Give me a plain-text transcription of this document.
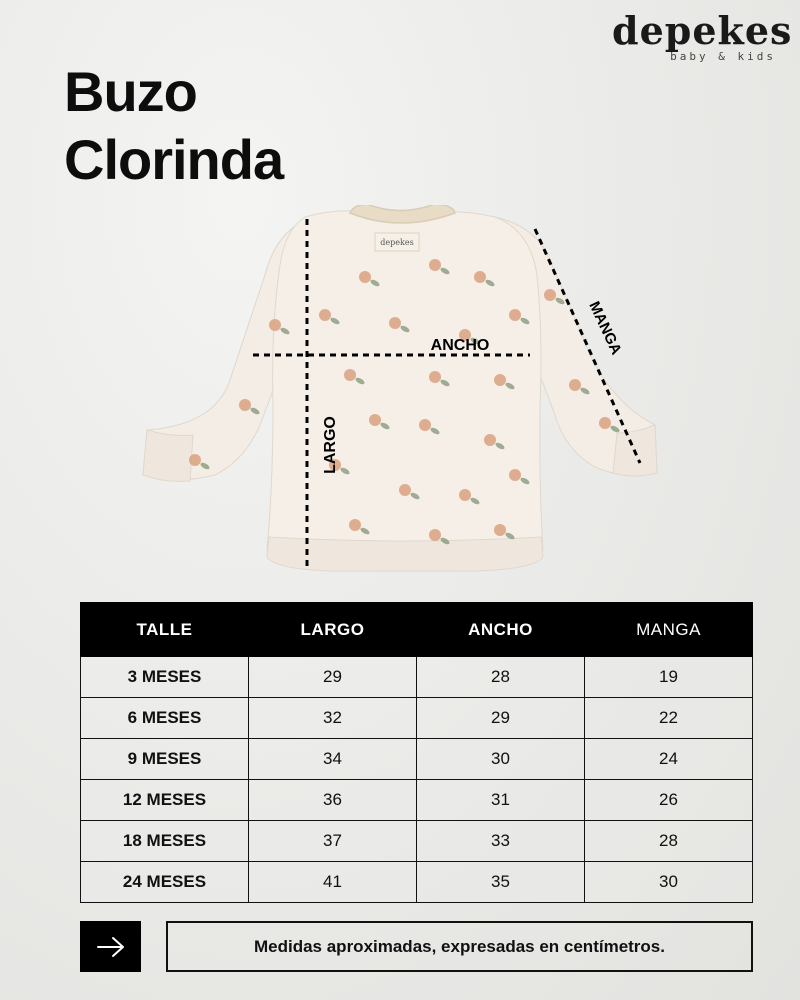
depekes
baby & kids
Buzo
Clorinda
depekes
ANCHO
LARGO
MANGA
TALLE	LARGO	ANCHO	MANGA
3 MESES	29	28	19
6 MESES	32	29	22
9 MESES	34	30	24
12 MESES	36	31	26
18 MESES	37	33	28
24 MESES	41	35	30
Medidas aproximadas, expresadas en centímetros.
